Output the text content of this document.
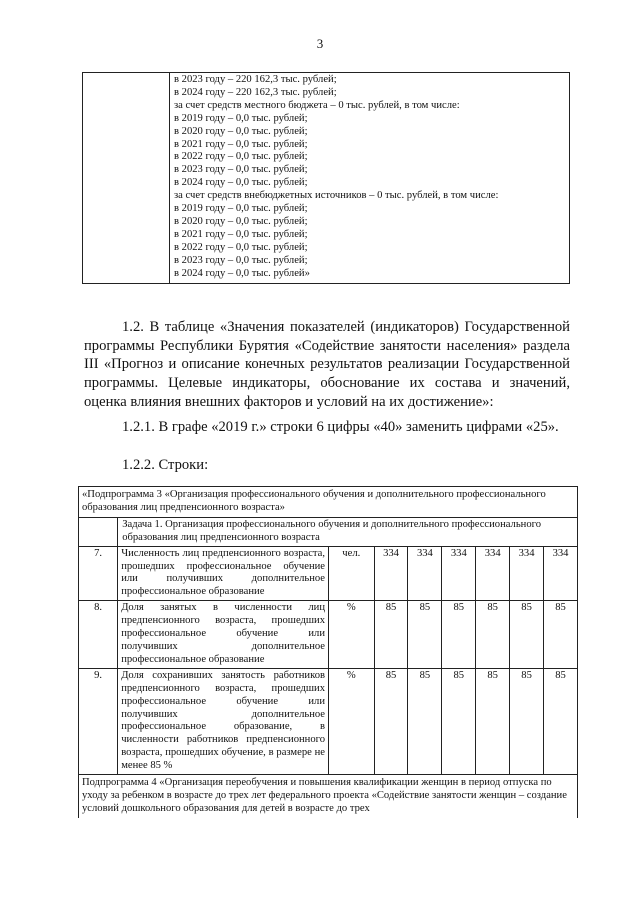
3

в 2023 году – 220 162,3 тыс. рублей;
в 2024 году – 220 162,3 тыс. рублей;
за счет средств местного бюджета – 0 тыс. рублей, в том числе:
в 2019 году – 0,0 тыс. рублей;
в 2020 году – 0,0 тыс. рублей;
в 2021 году – 0,0 тыс. рублей;
в 2022 году – 0,0 тыс. рублей;
в 2023 году – 0,0 тыс. рублей;
в 2024 году – 0,0 тыс. рублей;
за счет средств внебюджетных источников – 0 тыс. рублей, в том числе:
в 2019 году – 0,0 тыс. рублей;
в 2020 году – 0,0 тыс. рублей;
в 2021 году – 0,0 тыс. рублей;
в 2022 году – 0,0 тыс. рублей;
в 2023 году – 0,0 тыс. рублей;
в 2024 году – 0,0 тыс. рублей»

1.2. В таблице «Значения показателей (индикаторов) Государственной программы Республики Бурятия «Содействие занятости населения» раздела III «Прогноз и описание конечных результатов реализации Государственной программы. Целевые индикаторы, обоснование их состава и значений, оценка влияния внешних факторов и условий на их достижение»:

1.2.1. В графе «2019 г.» строки 6 цифры «40» заменить цифрами «25».

1.2.2. Строки:

«Подпрограмма 3 «Организация профессионального обучения и дополнительного профессионального образования лиц предпенсионного возраста»								
	Задача 1. Организация профессионального обучения и дополнительного профессионального образования лиц предпенсионного возраста							
7.	Численность лиц предпенсионного возраста, прошедших профессиональное обучение или получивших дополнительное профессиональное образование	чел.	334	334	334	334	334	334
8.	Доля занятых в численности лиц предпенсионного возраста, прошедших профессиональное обучение или получивших дополнительное профессиональное образование	%	85	85	85	85	85	85
9.	Доля сохранивших занятость работников предпенсионного возраста, прошедших профессиональное обучение или получивших дополнительное профессиональное образование, в численности работников предпенсионного возраста, прошедших обучение, в размере не менее 85 %	%	85	85	85	85	85	85
Подпрограмма 4 «Организация переобучения и повышения квалификации женщин в период отпуска по уходу за ребенком в возрасте до трех лет федерального проекта «Содействие занятости женщин – создание условий дошкольного образования для детей в возрасте до трех								
